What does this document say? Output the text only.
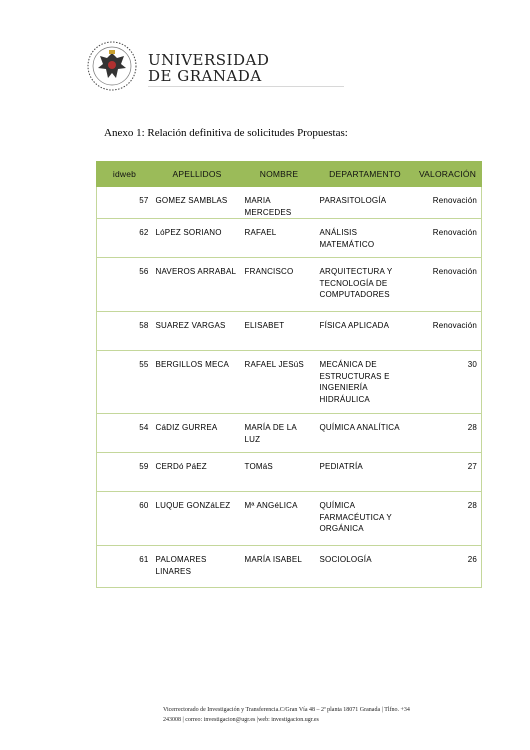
UNIVERSIDAD
DE GRANADA
Anexo 1: Relación definitiva de solicitudes Propuestas:
idweb	APELLIDOS	NOMBRE	DEPARTAMENTO	VALORACIÓN
57	GOMEZ SAMBLAS	MARIA MERCEDES	PARASITOLOGÍA	Renovación
62	LóPEZ SORIANO	RAFAEL	ANÁLISIS MATEMÁTICO	Renovación
56	NAVEROS ARRABAL	FRANCISCO	ARQUITECTURA Y TECNOLOGÍA DE COMPUTADORES	Renovación
58	SUAREZ VARGAS	ELISABET	FÍSICA APLICADA	Renovación
55	BERGILLOS MECA	RAFAEL JESúS	MECÁNICA DE ESTRUCTURAS E INGENIERÍA HIDRÁULICA	30
54	CáDIZ GURREA	MARÍA DE LA LUZ	QUÍMICA ANALÍTICA	28
59	CERDó PáEZ	TOMáS	PEDIATRÍA	27
60	LUQUE GONZáLEZ	Mª ANGéLICA	QUÍMICA FARMACÉUTICA Y ORGÁNICA	28
61	PALOMARES LINARES	MARÍA ISABEL	SOCIOLOGÍA	26
Vicerrectorado de Investigación y Transferencia.C/Gran Vía 48 – 2ª planta 18071 Granada | Tlfno. +34
243008 | correo: investigacion@ugr.es |web: investigacion.ugr.es
